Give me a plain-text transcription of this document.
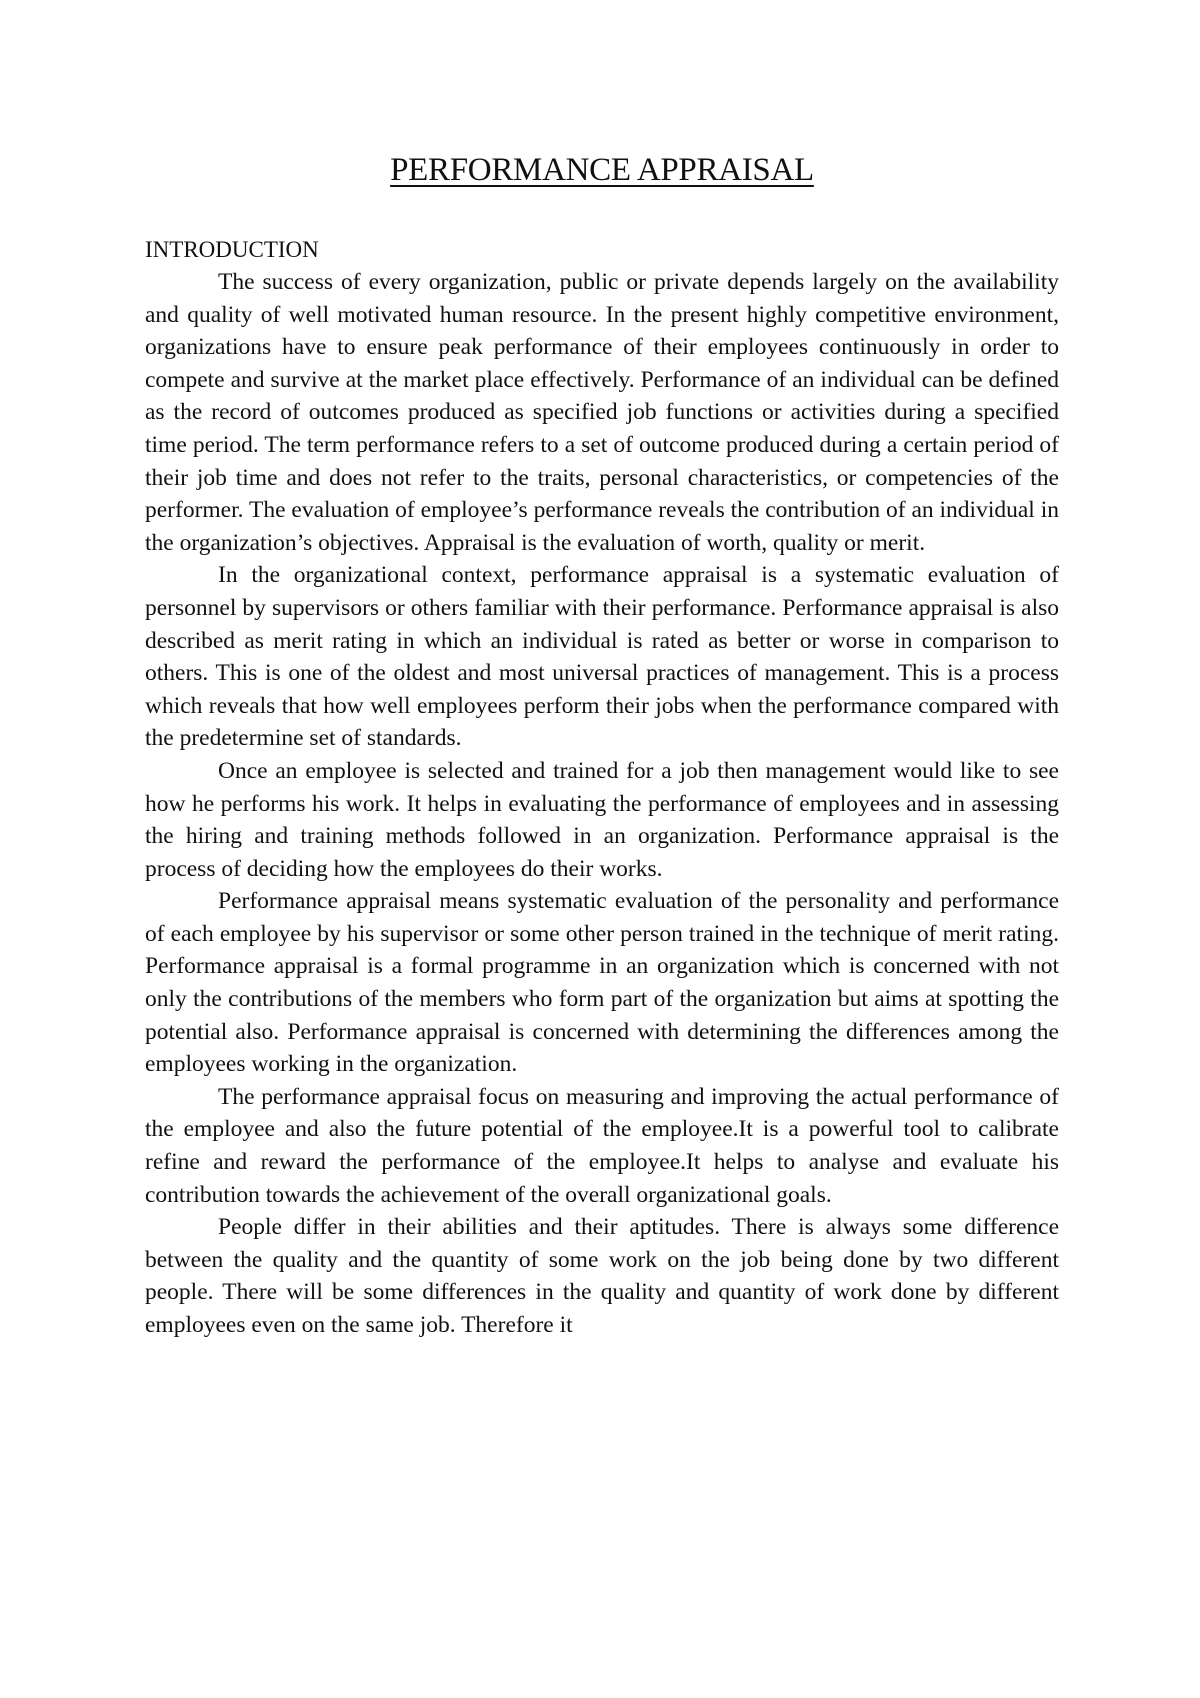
PERFORMANCE APPRAISAL
INTRODUCTION

The success of every organization, public or private depends largely on the availability and quality of well motivated human resource. In the present highly competitive environment, organizations have to ensure peak performance of their employees continuously in order to compete and survive at the market place effectively. Performance of an individual can be defined as the record of outcomes produced as specified job functions or activities during a specified time period. The term performance refers to a set of outcome produced during a certain period of their job time and does not refer to the traits, personal characteristics, or competencies of the performer. The evaluation of employee’s performance reveals the contribution of an individual in the organization’s objectives. Appraisal is the evaluation of worth, quality or merit.

In the organizational context, performance appraisal is a systematic evaluation of personnel by supervisors or others familiar with their performance. Performance appraisal is also described as merit rating in which an individual is rated as better or worse in comparison to others. This is one of the oldest and most universal practices of management. This is a process which reveals that how well employees perform their jobs when the performance compared with the predetermine set of standards.

Once an employee is selected and trained for a job then management would like to see how he performs his work. It helps in evaluating the performance of employees and in assessing the hiring and training methods followed in an organization. Performance appraisal is the process of deciding how the employees do their works.

Performance appraisal means systematic evaluation of the personality and performance of each employee by his supervisor or some other person trained in the technique of merit rating. Performance appraisal is a formal programme in an organization which is concerned with not only the contributions of the members who form part of the organization but aims at spotting the potential also. Performance appraisal is concerned with determining the differences among the employees working in the organization.

The performance appraisal focus on measuring and improving the actual performance of the employee and also the future potential of the employee.It is a powerful tool to calibrate refine and reward the performance of the employee.It helps to analyse and evaluate his contribution towards the achievement of the overall organizational goals.

People differ in their abilities and their aptitudes. There is always some difference between the quality and the quantity of some work on the job being done by two different people. There will be some differences in the quality and quantity of work done by different employees even on the same job. Therefore it
